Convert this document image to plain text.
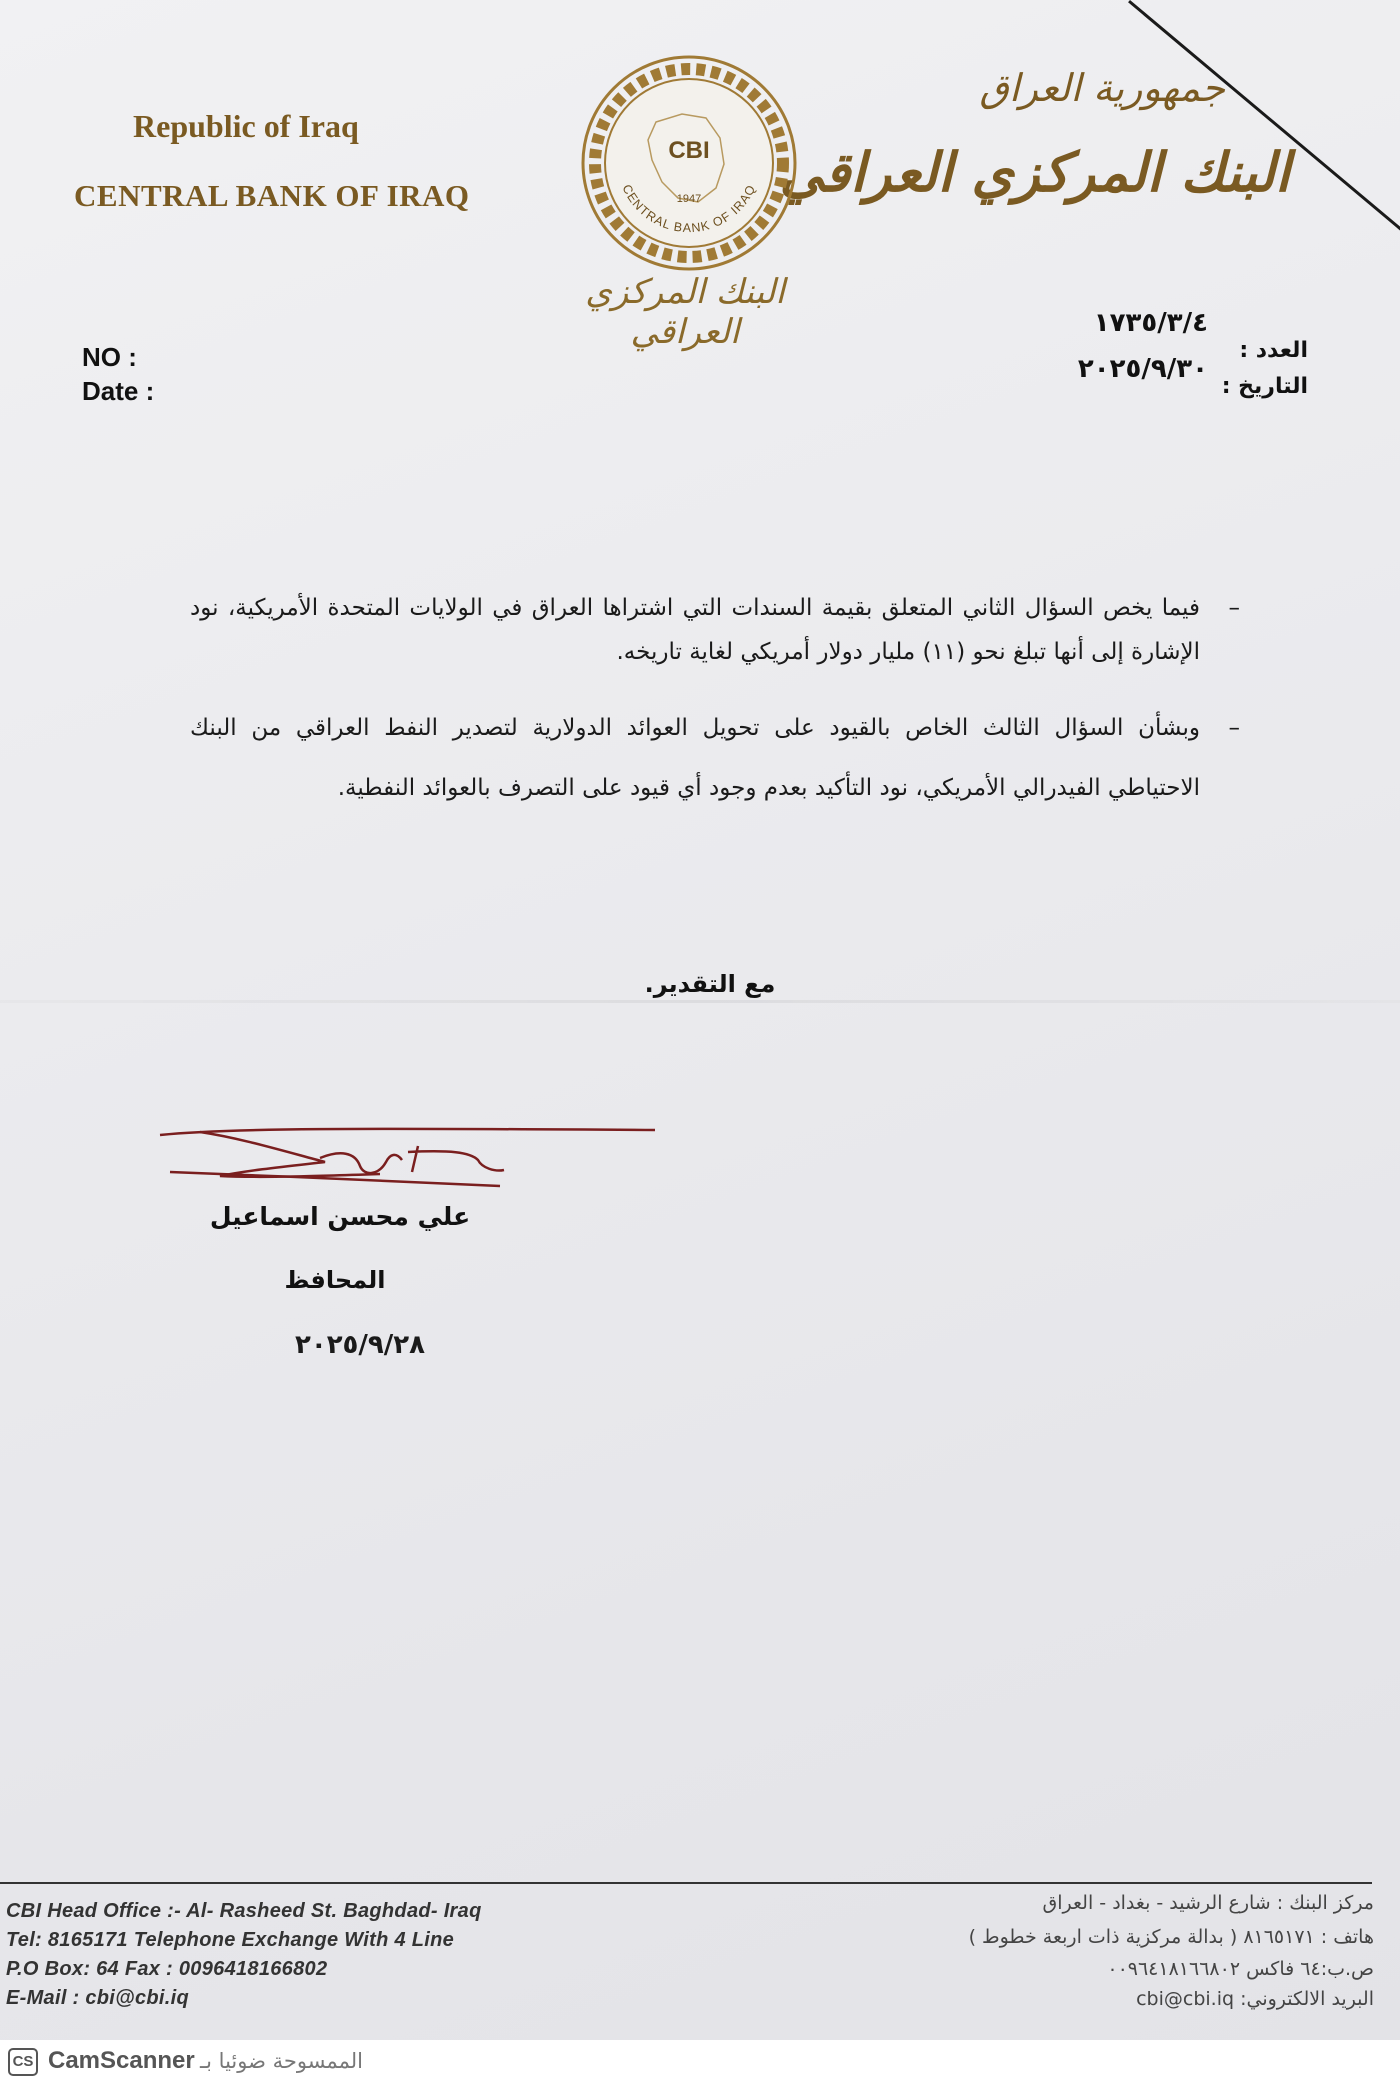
Republic of Iraq
CENTRAL BANK OF IRAQ
جمهورية العراق
البنك المركزي العراقي
CBI
1947
CENTRAL BANK OF IRAQ
البنك المركزي العراقي
NO :
Date :
العدد :
التاريخ :
١٧٣٥/٣/٤
٢٠٢٥/٩/٣٠
–
فيما يخص السؤال الثاني المتعلق بقيمة السندات التي اشتراها العراق في الولايات المتحدة الأمريكية، نود الإشارة إلى أنها تبلغ نحو (١١) مليار دولار أمريكي لغاية تاريخه.
–
وبشأن السؤال الثالث الخاص بالقيود على تحويل العوائد الدولارية لتصدير النفط العراقي من البنك الاحتياطي الفيدرالي الأمريكي، نود التأكيد بعدم وجود أي قيود على التصرف بالعوائد النفطية.
مع التقدير.
علي محسن اسماعيل
المحافظ
٢٠٢٥/٩/٢٨
CBI Head Office :- Al- Rasheed St. Baghdad- Iraq
Tel: 8165171 Telephone Exchange With 4 Line
P.O Box: 64 Fax : 0096418166802
E-Mail : cbi@cbi.iq
مركز البنك : شارع الرشيد - بغداد - العراق
هاتف : ٨١٦٥١٧١ ( بدالة مركزية ذات اربعة خطوط )
ص.ب:٦٤ فاكس ٠٠٩٦٤١٨١٦٦٨٠٢
البريد الالكتروني: cbi@cbi.iq
CS CamScanner الممسوحة ضوئيا بـ
